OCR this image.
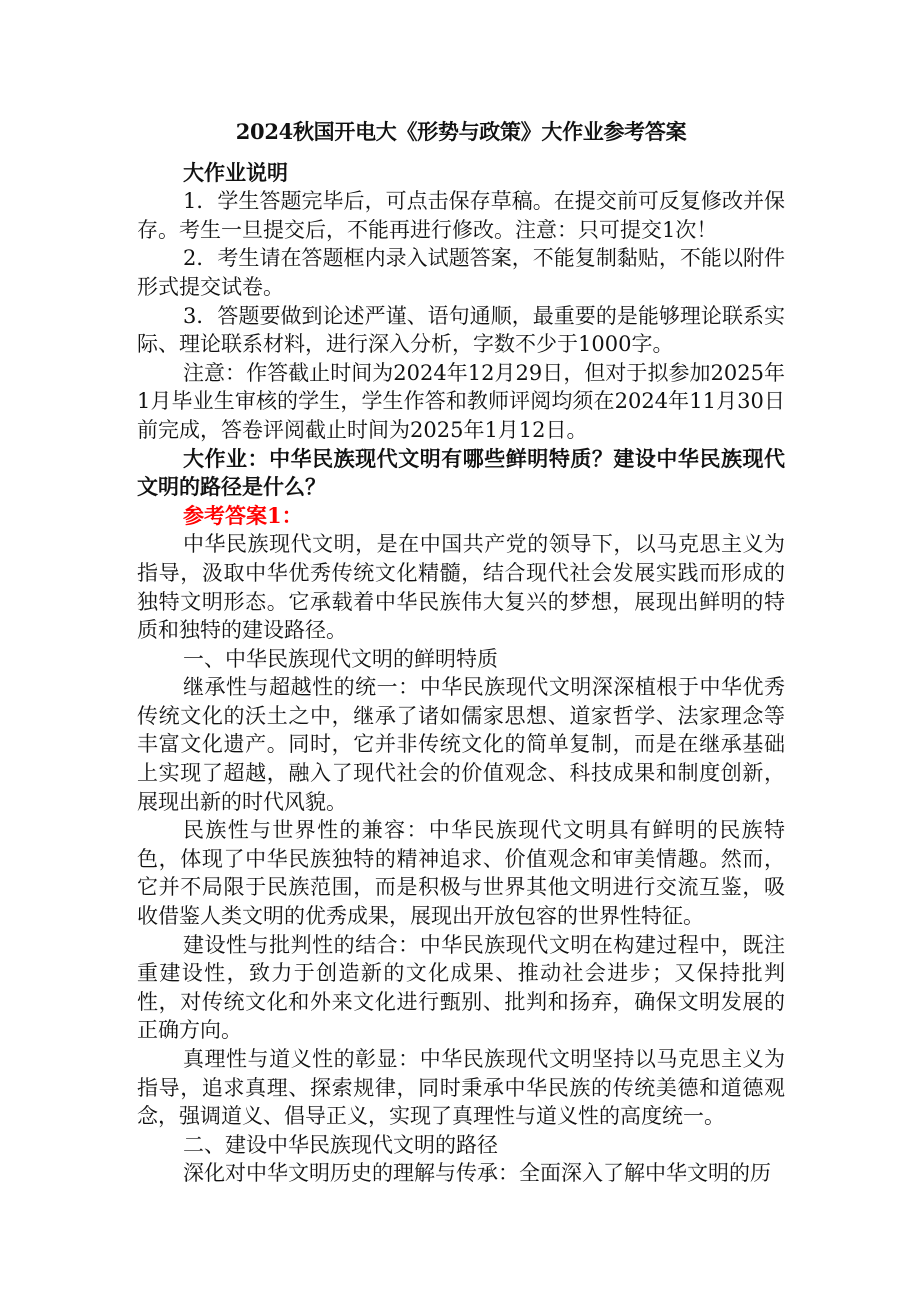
2024秋国开电大《形势与政策》大作业参考答案

大作业说明

1．学生答题完毕后，可点击保存草稿。在提交前可反复修改并保存。考生一旦提交后，不能再进行修改。注意：只可提交1次！

2．考生请在答题框内录入试题答案，不能复制黏贴，不能以附件形式提交试卷。

3．答题要做到论述严谨、语句通顺，最重要的是能够理论联系实际、理论联系材料，进行深入分析，字数不少于1000字。

注意：作答截止时间为2024年12月29日，但对于拟参加2025年1月毕业生审核的学生，学生作答和教师评阅均须在2024年11月30日前完成，答卷评阅截止时间为2025年1月12日。

大作业：中华民族现代文明有哪些鲜明特质？建设中华民族现代文明的路径是什么？

参考答案1：

中华民族现代文明，是在中国共产党的领导下，以马克思主义为指导，汲取中华优秀传统文化精髓，结合现代社会发展实践而形成的独特文明形态。它承载着中华民族伟大复兴的梦想，展现出鲜明的特质和独特的建设路径。

一、中华民族现代文明的鲜明特质

继承性与超越性的统一：中华民族现代文明深深植根于中华优秀传统文化的沃土之中，继承了诸如儒家思想、道家哲学、法家理念等丰富文化遗产。同时，它并非传统文化的简单复制，而是在继承基础上实现了超越，融入了现代社会的价值观念、科技成果和制度创新，展现出新的时代风貌。

民族性与世界性的兼容：中华民族现代文明具有鲜明的民族特色，体现了中华民族独特的精神追求、价值观念和审美情趣。然而，它并不局限于民族范围，而是积极与世界其他文明进行交流互鉴，吸收借鉴人类文明的优秀成果，展现出开放包容的世界性特征。

建设性与批判性的结合：中华民族现代文明在构建过程中，既注重建设性，致力于创造新的文化成果、推动社会进步；又保持批判性，对传统文化和外来文化进行甄别、批判和扬弃，确保文明发展的正确方向。

真理性与道义性的彰显：中华民族现代文明坚持以马克思主义为指导，追求真理、探索规律，同时秉承中华民族的传统美德和道德观念，强调道义、倡导正义，实现了真理性与道义性的高度统一。

二、建设中华民族现代文明的路径

深化对中华文明历史的理解与传承：全面深入了解中华文明的历
